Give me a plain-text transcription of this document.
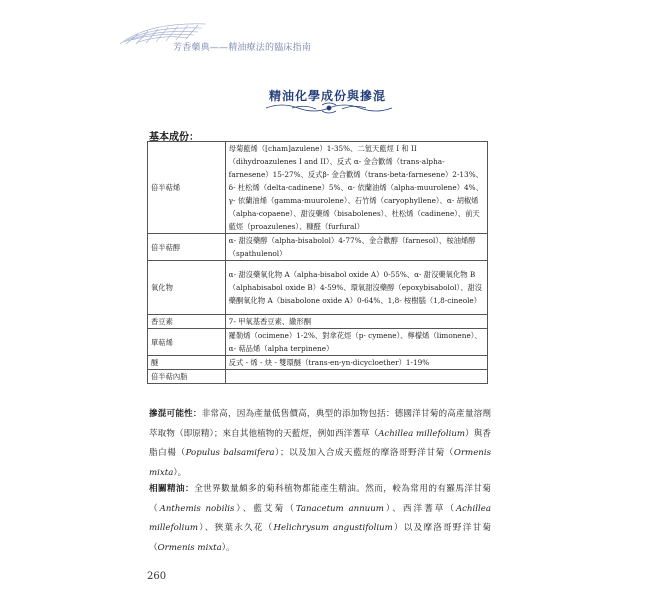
芳香藥典——精油療法的臨床指南
精油化學成份與摻混
基本成份：
倍半萜烯	母菊藍烯（[cham]azulene）1-35%、二氫天藍烴 I 和 II（dihydroazulenes I and II）、反式 α- 金合歡烯（trans-alpha-farnesene）15-27%、反式β- 金合歡烯（trans-beta-farnesene）2-13%、δ- 杜松烯（delta-cadinene）5%、α- 依蘭油烯（alpha-muurolene）4%、γ- 依蘭油烯（gamma-muurolene）、石竹烯（caryophyllene）、α- 胡椒烯（alpha-copaene）、甜沒藥烯（bisabolenes）、杜松烯（cadinene）、前天藍烴（proazulenes）、糠醛（furfural）
倍半萜醇	α- 甜沒藥醇（alpha-bisabolol）4-77%、金合歡醇（farnesol）、桉油烯醇（spathulenol）
氧化物	α- 甜沒藥氧化物 A（alpha-bisabol oxide A）0-55%、α- 甜沒藥氧化物 B（alphabisabol oxide B）4-59%、環氧甜沒藥醇（epoxybisabolol）、甜沒藥酮氧化物 A（bisabolone oxide A）0-64%、1,8- 桉樹腦（1,8-cineole）
香豆素	7- 甲氧基香豆素、繖形酮
單萜烯	羅勒烯（ocimene）1-2%、對傘花烴（p- cymene）、檸檬烯（limonene）、α- 萜品烯（alpha terpinene）
醚	反式 - 烯 - 炔 - 雙環醚（trans-en-yn-dicycloether）1-19%
倍半萜內脂	
摻混可能性：非常高，因為產量低售價高，典型的添加物包括：德國洋甘菊的高產量溶劑萃取物（即原精）；來自其他植物的天藍烴，例如西洋蓍草（Achillea millefolium）與香脂白楊（Populus balsamifera）；以及加入合成天藍烴的摩洛哥野洋甘菊（Ormenis mixta）。
相關精油：全世界數量頗多的菊科植物都能產生精油。然而，較為常用的有羅馬洋甘菊（Anthemis nobilis）、藍艾菊（Tanacetum annuum）、西洋蓍草（Achillea millefolium）、狹葉永久花（Helichrysum angustifolium）以及摩洛哥野洋甘菊（Ormenis mixta）。
260
